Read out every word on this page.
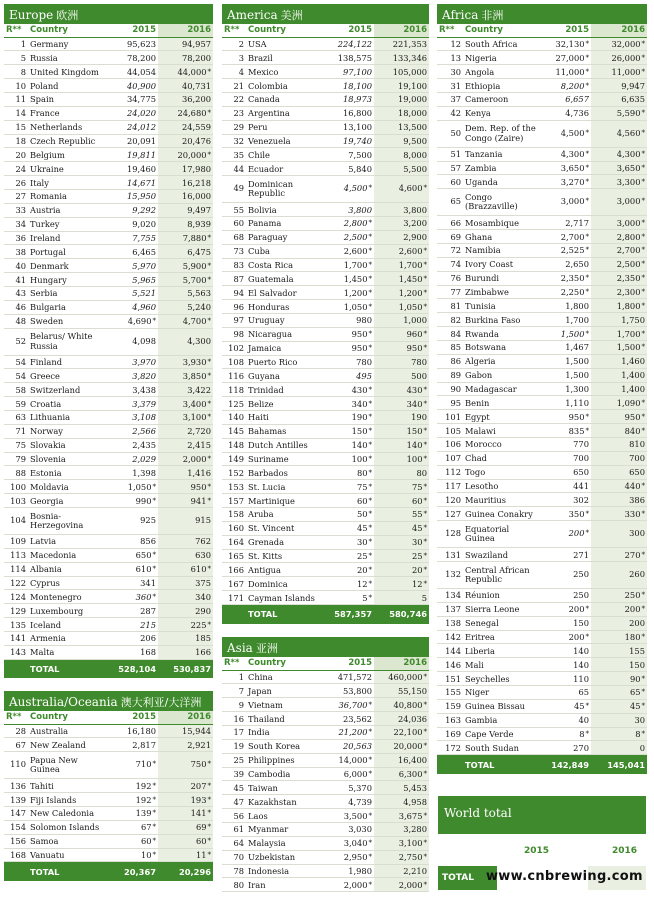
Europe 欧洲
R**	Country	2015	2016
1	Germany	95,623	94,957
5	Russia	78,200	78,200
8	United Kingdom	44,054	44,000*
10	Poland	40,900	40,731
11	Spain	34,775	36,200
14	France	24,020	24,680*
15	Netherlands	24,012	24,559
18	Czech Republic	20,091	20,476
20	Belgium	19,811	20,000*
24	Ukraine	19,460	17,980
26	Italy	14,671	16,218
27	Romania	15,950	16,000
33	Austria	9,292	9,497
34	Turkey	9,020	8,939
36	Ireland	7,755	7,880*
38	Portugal	6,465	6,475
40	Denmark	5,970	5,900*
41	Hungary	5,965	5,700*
43	Serbia	5,521	5,563
46	Bulgaria	4,960	5,240
48	Sweden	4,690*	4,700*
52	Belarus/ White Russia	4,098	4,300
54	Finland	3,970	3,930*
54	Greece	3,820	3,850*
58	Switzerland	3,438	3,422
59	Croatia	3,379	3,400*
63	Lithuania	3,108	3,100*
71	Norway	2,566	2,720
75	Slovakia	2,435	2,415
79	Slovenia	2,029	2,000*
88	Estonia	1,398	1,416
100	Moldavia	1,050*	950*
103	Georgia	990*	941*
104	Bosnia- Herzegovina	925	915
109	Latvia	856	762
113	Macedonia	650*	630
114	Albania	610*	610*
122	Cyprus	341	375
124	Montenegro	360*	340
129	Luxembourg	287	290
135	Iceland	215	225*
141	Armenia	206	185
143	Malta	168	166
	TOTAL	528,104	530,837
Australia/Oceania 澳大利亚/大洋洲
R**	Country	2015	2016
28	Australia	16,180	15,944
67	New Zealand	2,817	2,921
110	Papua New Guinea	710*	750*
136	Tahiti	192*	207*
139	Fiji Islands	192*	193*
147	New Caledonia	139*	141*
154	Solomon Islands	67*	69*
156	Samoa	60*	60*
168	Vanuatu	10*	11*
	TOTAL	20,367	20,296
America 美洲
R**	Country	2015	2016
2	USA	224,122	221,353
3	Brazil	138,575	133,346
4	Mexico	97,100	105,000
21	Colombia	18,100	19,100
22	Canada	18,973	19,000
23	Argentina	16,800	18,000
29	Peru	13,100	13,500
32	Venezuela	19,740	9,500
35	Chile	7,500	8,000
44	Ecuador	5,840	5,500
49	Dominican Republic	4,500*	4,600*
55	Bolivia	3,800	3,800
60	Panama	2,800*	3,200
68	Paraguay	2,500*	2,900
73	Cuba	2,600*	2,600*
83	Costa Rica	1,700*	1,700*
87	Guatemala	1,450*	1,450*
94	El Salvador	1,200*	1,200*
96	Honduras	1,050*	1,050*
97	Uruguay	980	1,000
98	Nicaragua	950*	960*
102	Jamaica	950*	950*
108	Puerto Rico	780	780
116	Guyana	495	500
118	Trinidad	430*	430*
125	Belize	340*	340*
140	Haiti	190*	190
145	Bahamas	150*	150*
148	Dutch Antilles	140*	140*
149	Suriname	100*	100*
152	Barbados	80*	80
153	St. Lucia	75*	75*
157	Martinique	60*	60*
158	Aruba	50*	55*
160	St. Vincent	45*	45*
164	Grenada	30*	30*
165	St. Kitts	25*	25*
166	Antigua	20*	20*
167	Dominica	12*	12*
171	Cayman Islands	5*	5
	TOTAL	587,357	580,746
Asia 亚洲
R**	Country	2015	2016
1	China	471,572	460,000*
7	Japan	53,800	55,150
9	Vietnam	36,700*	40,800*
16	Thailand	23,562	24,036
17	India	21,200*	22,100*
19	South Korea	20,563	20,000*
25	Philippines	14,000*	16,400
39	Cambodia	6,000*	6,300*
45	Taiwan	5,370	5,453
47	Kazakhstan	4,739	4,958
56	Laos	3,500*	3,675*
61	Myanmar	3,030	3,280
64	Malaysia	3,040*	3,100*
70	Uzbekistan	2,950*	2,750*
78	Indonesia	1,980	2,210
80	Iran	2,000*	2,000*
Africa 非洲
R**	Country	2015	2016
12	South Africa	32,130*	32,000*
13	Nigeria	27,000*	26,000*
30	Angola	11,000*	11,000*
31	Ethiopia	8,200*	9,947
37	Cameroon	6,657	6,635
42	Kenya	4,736	5,590*
50	Dem. Rep. of the Congo (Zaire)	4,500*	4,560*
51	Tanzania	4,300*	4,300*
57	Zambia	3,650*	3,650*
60	Uganda	3,270*	3,300*
65	Congo (Brazzaville)	3,000*	3,000*
66	Mosambique	2,717	3,000*
69	Ghana	2,700*	2,800*
72	Namibia	2,525*	2,700*
74	Ivory Coast	2,650	2,500*
76	Burundi	2,350*	2,350*
77	Zimbabwe	2,250*	2,300*
81	Tunisia	1,800	1,800*
82	Burkina Faso	1,700	1,750
84	Rwanda	1,500*	1,700*
85	Botswana	1,467	1,500*
86	Algeria	1,500	1,460
89	Gabon	1,500	1,400
90	Madagascar	1,300	1,400
95	Benin	1,110	1,090*
101	Egypt	950*	950*
105	Malawi	835*	840*
106	Morocco	770	810
107	Chad	700	700
112	Togo	650	650
117	Lesotho	441	440*
120	Mauritius	302	386
127	Guinea Conakry	350*	330*
128	Equatorial Guinea	200*	300
131	Swaziland	271	270*
132	Central African Republic	250	260
134	Réunion	250	250*
137	Sierra Leone	200*	200*
138	Senegal	150	200
142	Eritrea	200*	180*
144	Liberia	140	155
146	Mali	140	150
151	Seychelles	110	90*
155	Niger	65	65*
159	Guinea Bissau	45*	45*
163	Gambia	40	30
169	Cape Verde	8*	8*
172	South Sudan	270	0
	TOTAL	142,849	145,041
World total
2015	2016
TOTAL www.cnbrewing.com
